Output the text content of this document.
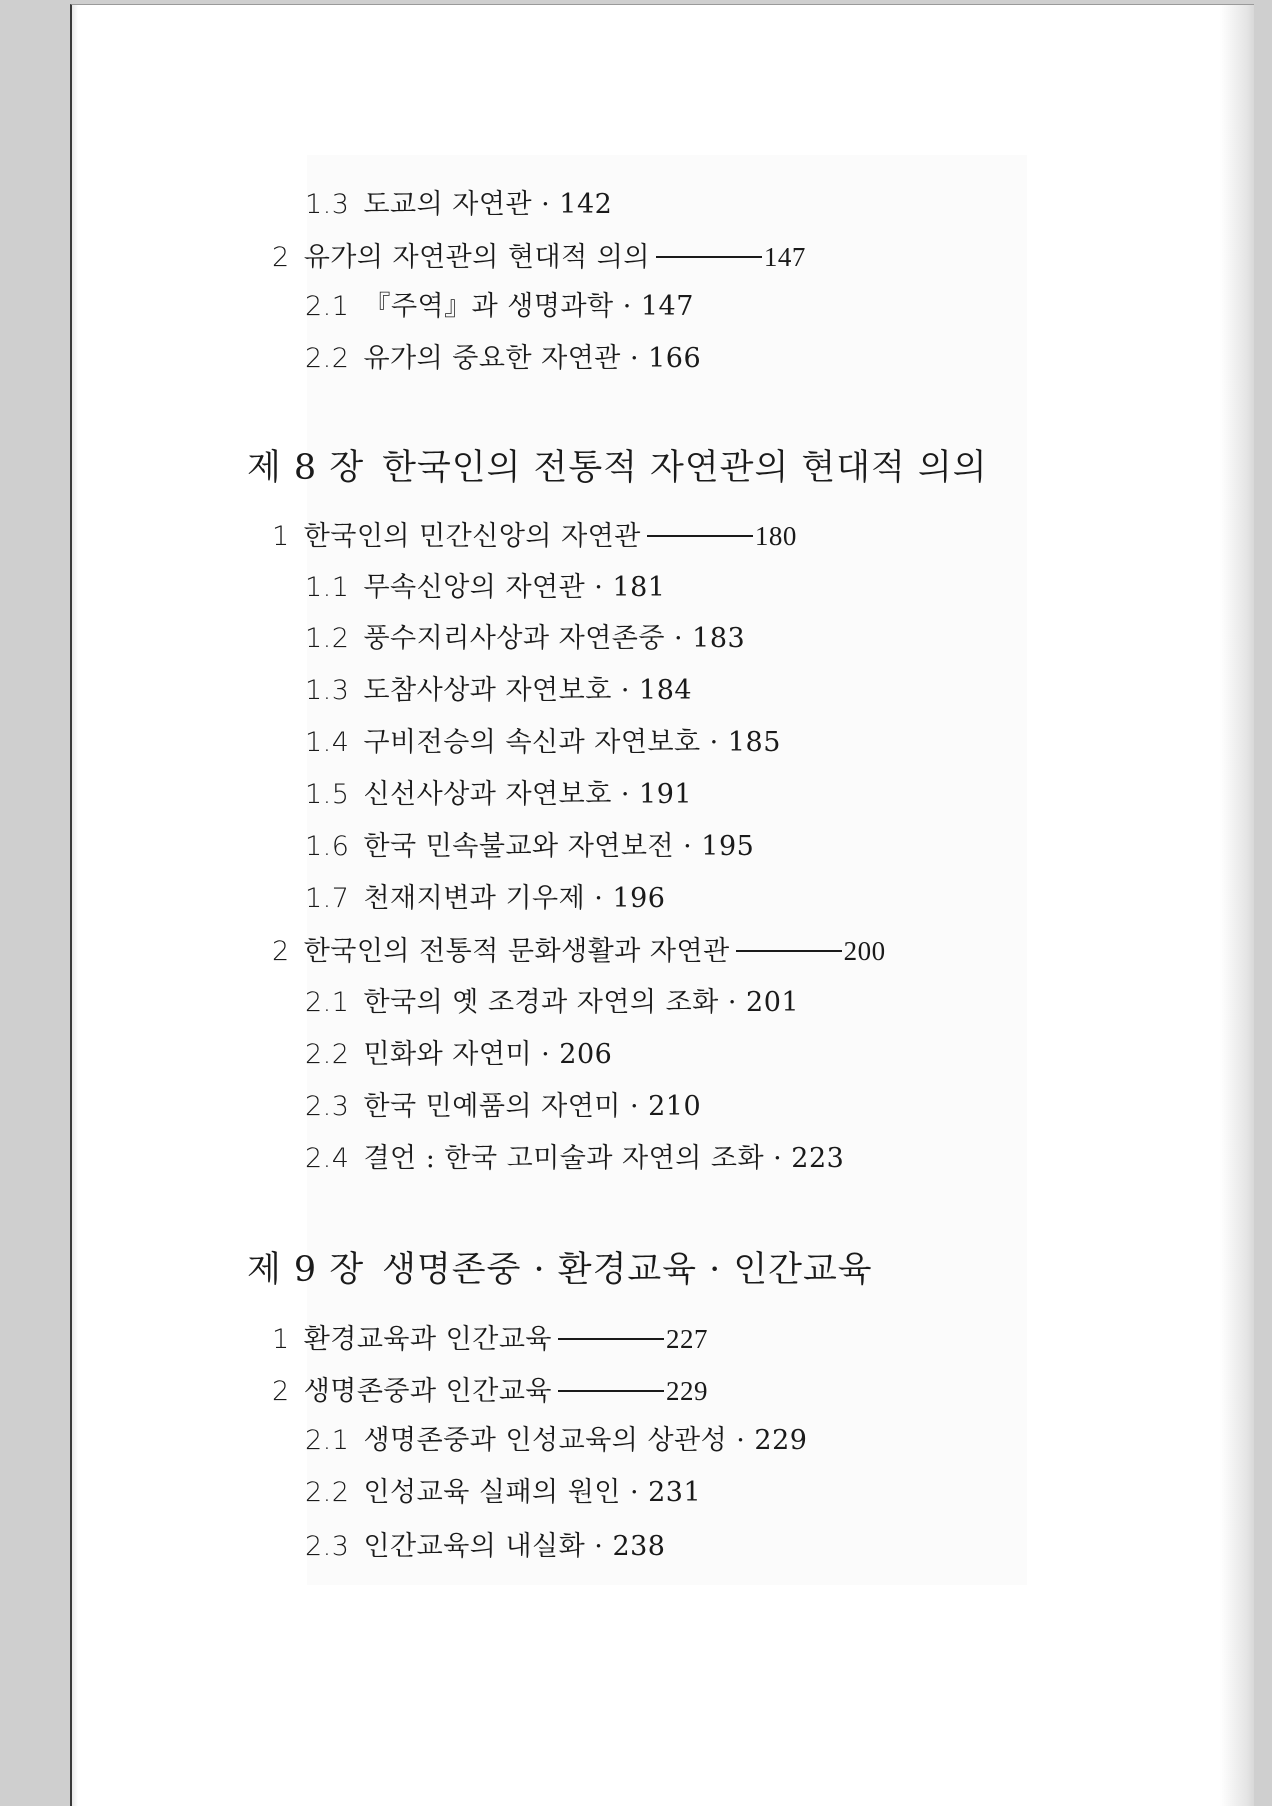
1.3 도교의 자연관 · 142
2 유가의 자연관의 현대적 의의	147
2.1 『주역』과 생명과학 · 147
2.2 유가의 중요한 자연관 · 166
제 8 장 한국인의 전통적 자연관의 현대적 의의
1 한국인의 민간신앙의 자연관	180
1.1 무속신앙의 자연관 · 181
1.2 풍수지리사상과 자연존중 · 183
1.3 도참사상과 자연보호 · 184
1.4 구비전승의 속신과 자연보호 · 185
1.5 신선사상과 자연보호 · 191
1.6 한국 민속불교와 자연보전 · 195
1.7 천재지변과 기우제 · 196
2 한국인의 전통적 문화생활과 자연관	200
2.1 한국의 옛 조경과 자연의 조화 · 201
2.2 민화와 자연미 · 206
2.3 한국 민예품의 자연미 · 210
2.4 결언 : 한국 고미술과 자연의 조화 · 223
제 9 장 생명존중 · 환경교육 · 인간교육
1 환경교육과 인간교육	227
2 생명존중과 인간교육	229
2.1 생명존중과 인성교육의 상관성 · 229
2.2 인성교육 실패의 원인 · 231
2.3 인간교육의 내실화 · 238
